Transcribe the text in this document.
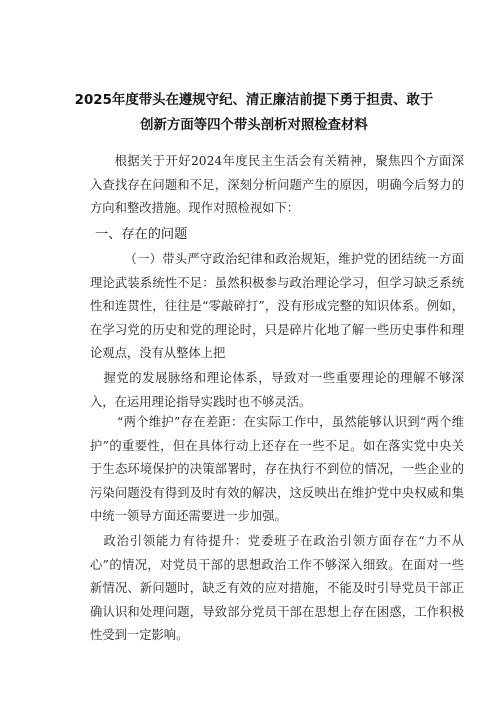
2025年度带头在遵规守纪、清正廉洁前提下勇于担责、敢于创新方面等四个带头剖析对照检查材料
根据关于开好2024年度民主生活会有关精神，聚焦四个方面深入查找存在问题和不足，深刻分析问题产生的原因，明确今后努力的方向和整改措施。现作对照检视如下：
一、存在的问题
（一）带头严守政治纪律和政治规矩，维护党的团结统一方面理论武装系统性不足：虽然积极参与政治理论学习，但学习缺乏系统性和连贯性，往往是“零敲碎打”，没有形成完整的知识体系。例如，在学习党的历史和党的理论时，只是碎片化地了解一些历史事件和理论观点，没有从整体上把
握党的发展脉络和理论体系，导致对一些重要理论的理解不够深入，在运用理论指导实践时也不够灵活。
“两个维护”存在差距：在实际工作中，虽然能够认识到“两个维护”的重要性，但在具体行动上还存在一些不足。如在落实党中央关于生态环境保护的决策部署时，存在执行不到位的情况，一些企业的污染问题没有得到及时有效的解决，这反映出在维护党中央权威和集中统一领导方面还需要进一步加强。
政治引领能力有待提升：党委班子在政治引领方面存在“力不从心”的情况，对党员干部的思想政治工作不够深入细致。在面对一些新情况、新问题时，缺乏有效的应对措施，不能及时引导党员干部正确认识和处理问题，导致部分党员干部在思想上存在困惑，工作积极性受到一定影响。
